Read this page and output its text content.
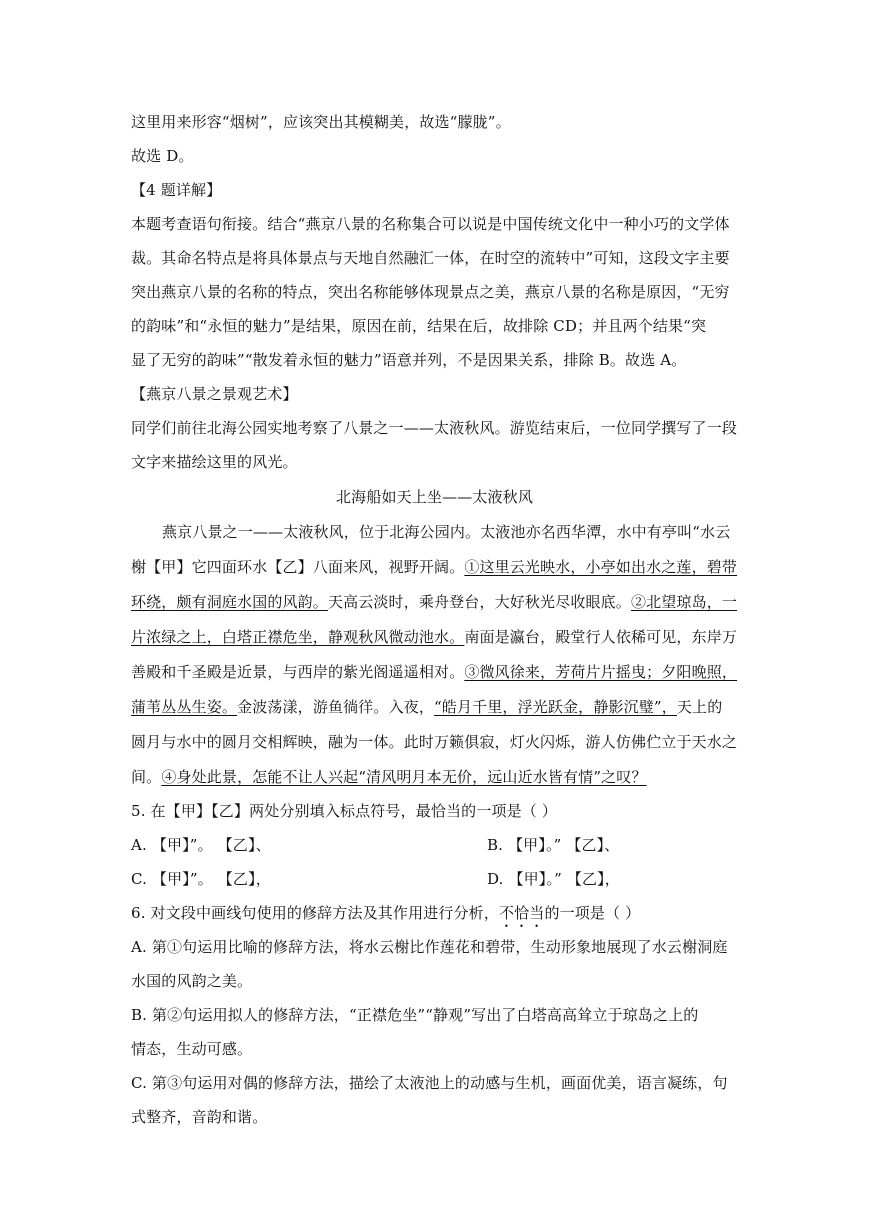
这里用来形容“烟树”，应该突出其模糊美，故选“朦胧”。
故选 D。
【4 题详解】
本题考查语句衔接。结合“燕京八景的名称集合可以说是中国传统文化中一种小巧的文学体
裁。其命名特点是将具体景点与天地自然融汇一体，在时空的流转中”可知，这段文字主要
突出燕京八景的名称的特点，突出名称能够体现景点之美，燕京八景的名称是原因，“无穷
的韵味”和“永恒的魅力”是结果，原因在前，结果在后，故排除 CD；并且两个结果“突
显了无穷的韵味”“散发着永恒的魅力”语意并列，不是因果关系，排除 B。故选 A。
【燕京八景之景观艺术】
同学们前往北海公园实地考察了八景之一——太液秋风。游览结束后，一位同学撰写了一段
文字来描绘这里的风光。
北海船如天上坐——太液秋风
燕京八景之一——太液秋风，位于北海公园内。太液池亦名西华潭，水中有亭叫“水云
榭【甲】它四面环水【乙】八面来风，视野开阔。①这里云光映水，小亭如出水之莲，碧带
环绕，颇有洞庭水国的风韵。天高云淡时，乘舟登台，大好秋光尽收眼底。②北望琼岛，一
片浓绿之上，白塔正襟危坐，静观秋风微动池水。南面是瀛台，殿堂行人依稀可见，东岸万
善殿和千圣殿是近景，与西岸的紫光阁遥遥相对。③微风徐来，芳荷片片摇曳；夕阳晚照，
蒲苇丛丛生姿。金波荡漾，游鱼徜徉。入夜，“皓月千里，浮光跃金，静影沉璧”，天上的
圆月与水中的圆月交相辉映，融为一体。此时万籁俱寂，灯火闪烁，游人仿佛伫立于天水之
间。④身处此景，怎能不让人兴起“清风明月本无价，远山近水皆有情”之叹？
5. 在【甲】【乙】两处分别填入标点符号，最恰当的一项是（ ）
A. 【甲】”。 【乙】、	B. 【甲】。” 【乙】、
C. 【甲】”。 【乙】，	D. 【甲】。” 【乙】，
6. 对文段中画线句使用的修辞方法及其作用进行分析，不恰当的一项是（ ）
A. 第①句运用比喻的修辞方法，将水云榭比作莲花和碧带，生动形象地展现了水云榭洞庭
水国的风韵之美。
B. 第②句运用拟人的修辞方法，“正襟危坐”“静观”写出了白塔高高耸立于琼岛之上的
情态，生动可感。
C. 第③句运用对偶的修辞方法，描绘了太液池上的动感与生机，画面优美，语言凝练，句
式整齐，音韵和谐。
